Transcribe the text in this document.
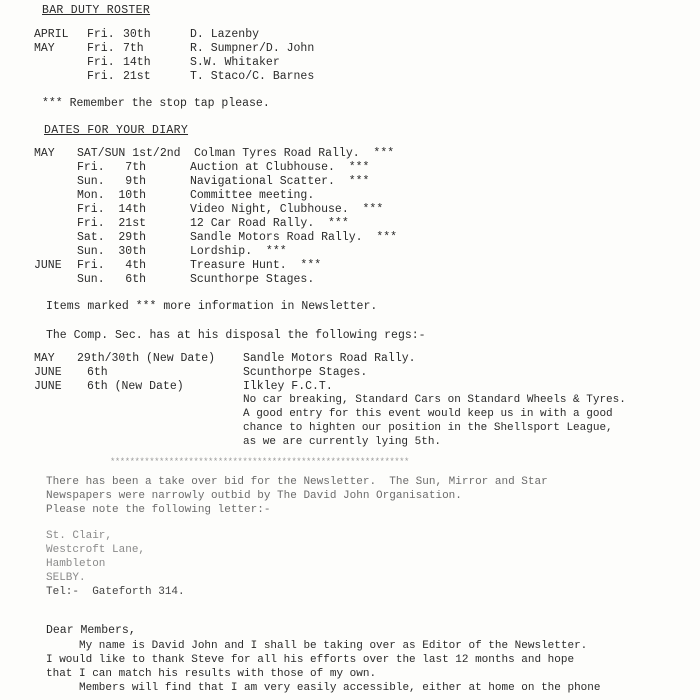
BAR DUTY ROSTER
APRIL Fri. 30th	D. Lazenby
MAY	Fri. 7th	R. Sumpner/D. John
Fri. 14th	S.W. Whitaker
Fri. 21st	T. Staco/C. Barnes
*** Remember the stop tap please.
DATES FOR YOUR DIARY
MAY SAT/SUN 1st/2nd Colman Tyres Road Rally.  ***
Fri.   7th	Auction at Clubhouse.  ***
Sun.   9th	Navigational Scatter.  ***
Mon.  10th	Committee meeting.
Fri.  14th	Video Night, Clubhouse.  ***
Fri.  21st	12 Car Road Rally.  ***
Sat.  29th	Sandle Motors Road Rally.  ***
Sun.  30th	Lordship.  ***
JUNE Fri.   4th	Treasure Hunt.  ***
Sun.   6th	Scunthorpe Stages.
Items marked *** more information in Newsletter.
The Comp. Sec. has at his disposal the following regs:-
MAY 29th/30th (New Date) Sandle Motors Road Rally.
JUNE 6th	Scunthorpe Stages.
JUNE 6th (New Date)	Ilkley F.C.T.
No car breaking, Standard Cars on Standard Wheels & Tyres.
A good entry for this event would keep us in with a good
chance to highten our position in the Shellsport League,
as we are currently lying 5th.
*************************************************************
There has been a take over bid for the Newsletter.  The Sun, Mirror and Star
Newspapers were narrowly outbid by The David John Organisation.
Please note the following letter:-
St. Clair,
Westcroft Lane,
Hambleton
SELBY.
Tel:-  Gateforth 314.
Dear Members,
My name is David John and I shall be taking over as Editor of the Newsletter.
I would like to thank Steve for all his efforts over the last 12 months and hope
that I can match his results with those of my own.
Members will find that I am very easily accessible, either at home on the phone
